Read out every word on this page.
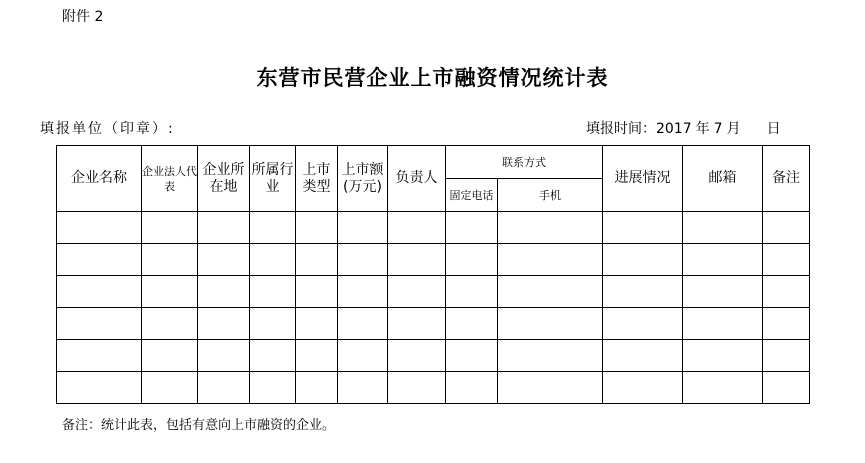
附件 2
东营市民营企业上市融资情况统计表
填报单位（印章）:	填报时间：2017 年 7 月 日
企业名称	企业法人代表	企业所在地	所属行业	上市类型	上市额(万元)	负责人	联系方式		进展情况	邮箱	备注
							固定电话	手机			

备注：统计此表，包括有意向上市融资的企业。
